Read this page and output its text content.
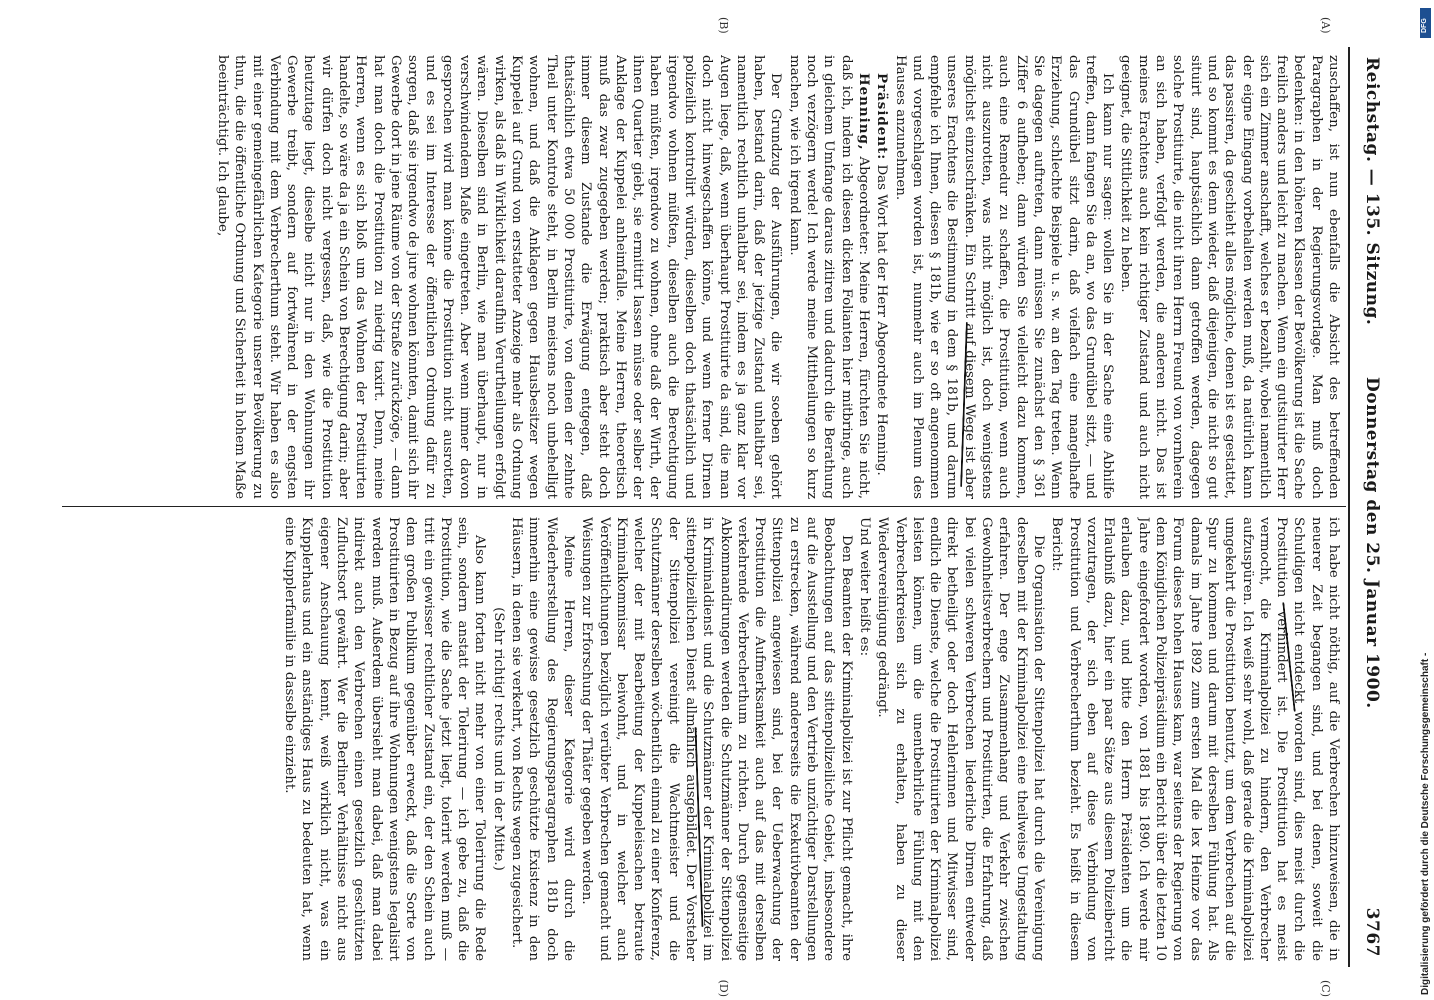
Reichstag. — 135. Sitzung.
Donnerstag den 25. Januar 1900.
3767
(A)
(B)
(C)
(D)

zuschaffen, ist nun ebenfalls die Absicht des betreffenden Paragraphen in der Regierungsvorlage. Man muß doch bedenken: in den höheren Klassen der Bevölkerung ist die Sache freilich anders und leicht zu machen. Wenn ein gutsituirter Herr sich ein Zimmer anschafft, welches er bezahlt, wobei namentlich der eigne Eingang vorbehalten werden muß, da natürlich kann das passiren, da geschieht alles mögliche, denen ist es gestattet, und so kommt es denn wieder, daß diejenigen, die nicht so gut situirt sind, hauptsächlich dann getroffen werden, dagegen solche Prostituirte, die nicht ihren Herrn Freund von vornherein an sich haben, verfolgt werden, die anderen nicht. Das ist meines Erachtens auch kein richtiger Zustand und auch nicht geeignet, die Sittlichkeit zu heben.

Ich kann nur sagen: wollen Sie in der Sache eine Abhilfe treffen, dann fangen Sie da an, wo das Grundübel sitzt, — und das Grundübel sitzt darin, daß vielfach eine mangelhafte Erziehung, schlechte Beispiele u. s. w. an den Tag treten. Wenn Sie dagegen auftreten, dann müssen Sie zunächst den § 361 Ziffer 6 aufheben; dann würden Sie vielleicht dazu kommen, auch eine Remedur zu schaffen, die Prostitution, wenn auch nicht auszurotten, was nicht möglich ist, doch wenigstens möglichst einzuschränken. Ein Schritt auf diesem Wege ist aber unseres Erachtens die Bestimmung in dem § 181b, und darum empfehle ich Ihnen, diesen § 181b, wie er so oft angenommen und vorgeschlagen worden ist, nunmehr auch im Plenum des Hauses anzunehmen.

Präsident: Das Wort hat der Herr Abgeordnete Henning.

Henning, Abgeordneter: Meine Herren, fürchten Sie nicht, daß ich, indem ich diesen dicken Folianten hier mitbringe, auch in gleichem Umfange daraus zitiren und dadurch die Berathung noch verzögern werde! Ich werde meine Mittheilungen so kurz machen, wie ich irgend kann.

Der Grundzug der Ausführungen, die wir soeben gehört haben, bestand darin, daß der jetzige Zustand unhaltbar sei, namentlich rechtlich unhaltbar sei, indem es ja ganz klar vor Augen liege, daß, wenn überhaupt Prostituirte da sind, die man doch nicht hinwegschaffen könne, und wenn ferner Dirnen polizeilich kontrolirt würden, dieselben doch thatsächlich und irgendwo wohnen müßten, dieselben auch die Berechtigung haben müßten, irgendwo zu wohnen, ohne daß der Wirth, der ihnen Quartier giebt, sie ermittirt lassen müsse oder selber der Anklage der Kuppelei anheimfalle. Meine Herren, theoretisch muß das zwar zugegeben werden; praktisch aber steht doch immer diesem Zustande die Erwägung entgegen, daß thatsächlich etwa 50 000 Prostituirte, von denen der zehnte Theil unter Kontrole steht, in Berlin meistens noch unbehelligt wohnen, und daß die Anklagen gegen Hausbesitzer wegen Kuppelei auf Grund von erstatteter Anzeige mehr als Ordnung wirken, als daß in Wirklichkeit daraufhin Verurtheilungen erfolgt wären. Dieselben sind in Berlin, wie man überhaupt, nur in verschwindendem Maße eingetreten. Aber wenn immer davon gesprochen wird man könne die Prostitution nicht ausrotten, und es sei im Interesse der öffentlichen Ordnung dafür zu sorgen, daß sie irgendwo de jure wohnen könnten, damit sich ihr Gewerbe dort in jene Räume von der Straße zurückzöge, — dann hat man doch die Prostitution zu niedrig taxirt. Denn, meine Herren, wenn es sich bloß um das Wohnen der Prostituirten handelte, so wäre da ja ein Schein von Berechtigung darin; aber wir dürfen doch nicht vergessen, daß, wie die Prostitution heutzutage liegt, dieselbe nicht nur in den Wohnungen ihr Gewerbe treibt, sondern auf fortwährend in der engsten Verbindung mit dem Verbrecherthum steht. Wir haben es also mit einer gemeingefährlichen Kategorie unserer Bevölkerung zu thun, die die öffentliche Ordnung und Sicherheit in hohem Maße beeinträchtigt. Ich glaube,

ich habe nicht nöthig, auf die Verbrechen hinzuweisen, die in neuerer Zeit begangen sind, und bei denen, soweit die Schuldigen nicht entdeckt worden sind, dies meist durch die Prostitution verhindert ist. Die Prostitution hat es meist vermocht, die Kriminalpolizei zu hindern, den Verbrecher aufzuspüren. Ich weiß sehr wohl, daß gerade die Kriminalpolizei umgekehrt die Prostitution benutzt, um dem Verbrechen auf die Spur zu kommen und darum mit derselben Fühlung hat. Als damals im Jahre 1892 zum ersten Mal die lex Heinze vor das Forum dieses hohen Hauses kam, war seitens der Regierung von dem Königlichen Polizeipräsidium ein Bericht über die letzten 10 Jahre eingefordert worden, von 1881 bis 1890. Ich werde mir erlauben dazu, und bitte den Herrn Präsidenten um die Erlaubniß dazu, hier ein paar Sätze aus diesem Polizeibericht vorzutragen, der sich eben auf diese Verbindung von Prostitution und Verbrecherthum bezieht. Es heißt in diesem Bericht:

Die Organisation der Sittenpolizei hat durch die Vereinigung derselben mit der Kriminalpolizei eine theilweise Umgestaltung erfahren. Der enge Zusammenhang und Verkehr zwischen Gewohnheitsverbrechern und Prostituirten, die Erfahrung, daß bei vielen schweren Verbrechen liederliche Dirnen entweder direkt betheiligt oder doch Hehlerinnen und Mitwisser sind, endlich die Dienste, welche die Prostituirten der Kriminalpolizei leisten können, um die unentbehrliche Fühlung mit den Verbrecherkreisen sich zu erhalten, haben zu dieser Wiedervereinigung gedrängt.

Und weiter heißt es:

Den Beamten der Kriminalpolizei ist zur Pflicht gemacht, ihre Beobachtungen auf das sittenpolizeiliche Gebiet, insbesondere auf die Ausstellung und den Vertrieb unzüchtiger Darstellungen zu erstrecken, während andererseits die Exekutivbeamten der Sittenpolizei angewiesen sind, bei der Ueberwachung der Prostitution die Aufmerksamkeit auch auf das mit derselben verkehrende Verbrecherthum zu richten. Durch gegenseitige Abkommandirungen werden die Schutzmänner der Sittenpolizei in Kriminaldienst und die Schutzmänner der Kriminalpolizei im sittenpolizeilichen Dienst allmählich ausgebildet. Der Vorsteher der Sittenpolizei vereinigt die Wachtmeister und die Schutzmänner derselben wöchentlich einmal zu einer Konferenz, welcher der mit Bearbeitung der Kuppeleisachen betraute Kriminalkommissar beiwohnt, und in welcher auch Veröffentlichungen bezüglich verübter Verbrechen gemacht und Weisungen zur Erforschung der Thäter gegeben werden.

Meine Herren, dieser Kategorie wird durch die Wiederherstellung des Regierungsparagraphen 181b doch immerhin eine gewisse gesetzlich geschützte Existenz in den Häusern, in denen sie verkehrt, von Rechts wegen zugesichert.

(Sehr richtig! rechts und in der Mitte.)

Also kann fortan nicht mehr von einer Tolerirung die Rede sein, sondern anstatt der Tolerirung — ich gebe zu, daß die Prostitution, wie die Sache jetzt liegt, tolerirt werden muß — tritt ein gewisser rechtlicher Zustand ein, der den Schein auch dem großen Publikum gegenüber erweckt, daß die Sorte von Prostituirten in Bezug auf ihre Wohnungen wenigstens legalisirt werden muß. Außerdem übersieht man dabei, daß man dabei indirekt auch den Verbrechen einen gesetzlich geschützten Zufluchtsort gewährt. Wer die Berliner Verhältnisse nicht aus eigener Anschauung kennt, weiß wirklich nicht, was ein Kupplerhaus und ein anständiges Haus zu bedeuten hat, wenn eine Kupplerfamilie in dasselbe einzieht.

DFG
Digitalisierung gefördert durch die Deutsche Forschungsgemeinschaft -
